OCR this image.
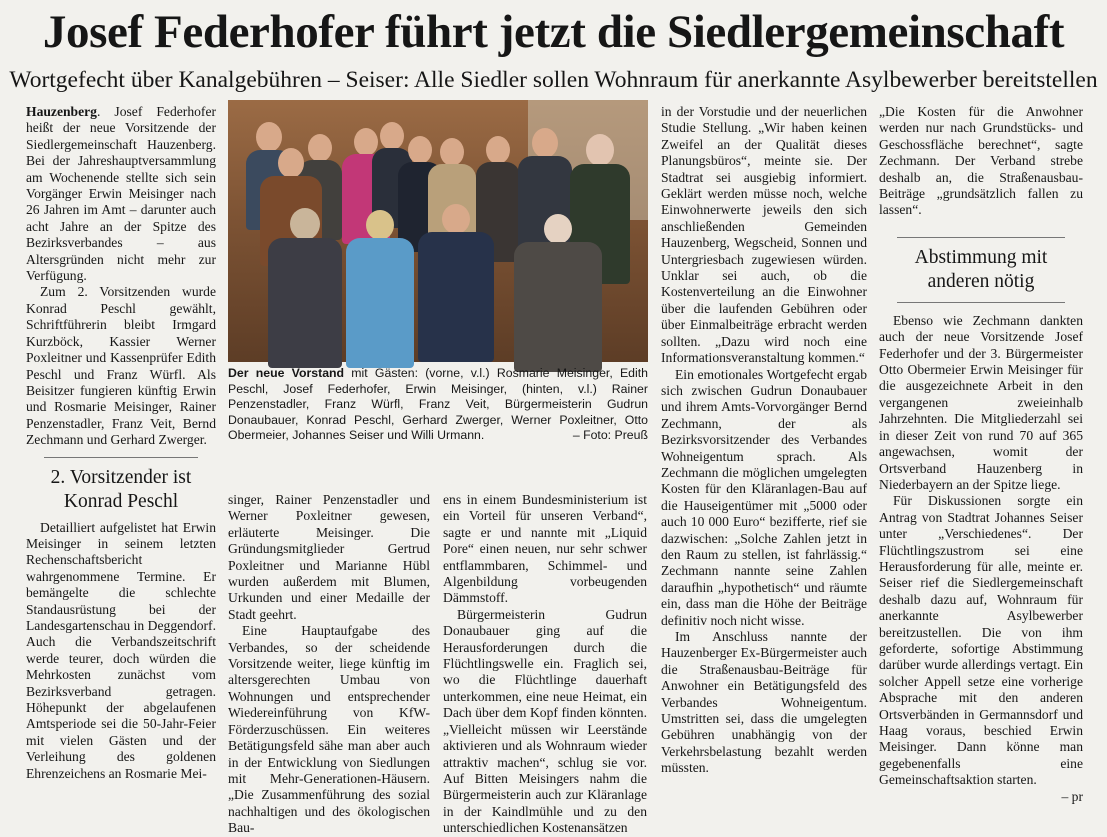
Josef Federhofer führt jetzt die Siedlergemeinschaft
Wortgefecht über Kanalgebühren – Seiser: Alle Siedler sollen Wohnraum für anerkannte Asylbewerber bereitstellen

Hauzenberg. Josef Federhofer heißt der neue Vorsitzende der Siedlergemeinschaft Hauzenberg. Bei der Jahreshauptversammlung am Wochenende stellte sich sein Vorgänger Erwin Meisinger nach 26 Jahren im Amt – darunter auch acht Jahre an der Spitze des Bezirksverbandes – aus Altersgründen nicht mehr zur Verfügung.

Zum 2. Vorsitzenden wurde Konrad Peschl gewählt, Schriftführerin bleibt Irmgard Kurzböck, Kassier Werner Poxleitner und Kassenprüfer Edith Peschl und Franz Würfl. Als Beisitzer fungieren künftig Erwin und Rosmarie Meisinger, Rainer Penzenstadler, Franz Veit, Bernd Zechmann und Gerhard Zwerger.

2. Vorsitzender ist
Konrad Peschl

Detailliert aufgelistet hat Erwin Meisinger in seinem letzten Rechenschaftsbericht wahrgenommene Termine. Er bemängelte die schlechte Standausrüstung bei der Landesgartenschau in Deggendorf. Auch die Verbandszeitschrift werde teurer, doch würden die Mehrkosten zunächst vom Bezirksverband getragen. Höhepunkt der abgelaufenen Amtsperiode sei die 50-Jahr-Feier mit vielen Gästen und der Verleihung des goldenen Ehrenzeichens an Rosmarie Mei-

Der neue Vorstand mit Gästen: (vorne, v.l.) Rosmarie Meisinger, Edith Peschl, Josef Federhofer, Erwin Meisinger, (hinten, v.l.) Rainer Penzenstadler, Franz Würfl, Franz Veit, Bürgermeisterin Gudrun Donaubauer, Konrad Peschl, Gerhard Zwerger, Werner Poxleitner, Otto Obermeier, Johannes Seiser und Willi Urmann.	– Foto: Preuß

singer, Rainer Penzenstadler und Werner Poxleitner gewesen, erläuterte Meisinger. Die Gründungsmitglieder Gertrud Poxleitner und Marianne Hübl wurden außerdem mit Blumen, Urkunden und einer Medaille der Stadt geehrt.

Eine Hauptaufgabe des Verbandes, so der scheidende Vorsitzende weiter, liege künftig im altersgerechten Umbau von Wohnungen und entsprechender Wiedereinführung von KfW-Förderzuschüssen. Ein weiteres Betätigungsfeld sähe man aber auch in der Entwicklung von Siedlungen mit Mehr-Generationen-Häusern. „Die Zusammenführung des sozial nachhaltigen und des ökologischen Bau-

ens in einem Bundesministerium ist ein Vorteil für unseren Verband“, sagte er und nannte mit „Liquid Pore“ einen neuen, nur sehr schwer entflammbaren, Schimmel- und Algenbildung vorbeugenden Dämmstoff.

Bürgermeisterin Gudrun Donaubauer ging auf die Herausforderungen durch die Flüchtlingswelle ein. Fraglich sei, wo die Flüchtlinge dauerhaft unterkommen, eine neue Heimat, ein Dach über dem Kopf finden könnten. „Vielleicht müssen wir Leerstände aktivieren und als Wohnraum wieder attraktiv machen“, schlug sie vor. Auf Bitten Meisingers nahm die Bürgermeisterin auch zur Kläranlage in der Kaindlmühle und zu den unterschiedlichen Kostenansätzen

in der Vorstudie und der neuerlichen Studie Stellung. „Wir haben keinen Zweifel an der Qualität dieses Planungsbüros“, meinte sie. Der Stadtrat sei ausgiebig informiert. Geklärt werden müsse noch, welche Einwohnerwerte jeweils den sich anschließenden Gemeinden Hauzenberg, Wegscheid, Sonnen und Untergriesbach zugewiesen würden. Unklar sei auch, ob die Kostenverteilung an die Einwohner über die laufenden Gebühren oder über Einmalbeiträge erbracht werden sollten. „Dazu wird noch eine Informationsveranstaltung kommen.“

Ein emotionales Wortgefecht ergab sich zwischen Gudrun Donaubauer und ihrem Amts-Vorvorgänger Bernd Zechmann, der als Bezirksvorsitzender des Verbandes Wohneigentum sprach. Als Zechmann die möglichen umgelegten Kosten für den Kläranlagen-Bau auf die Hauseigentümer mit „5000 oder auch 10 000 Euro“ bezifferte, rief sie dazwischen: „Solche Zahlen jetzt in den Raum zu stellen, ist fahrlässig.“ Zechmann nannte seine Zahlen daraufhin „hypothetisch“ und räumte ein, dass man die Höhe der Beiträge definitiv noch nicht wisse.

Im Anschluss nannte der Hauzenberger Ex-Bürgermeister auch die Straßenausbau-Beiträge für Anwohner ein Betätigungsfeld des Verbandes Wohneigentum. Umstritten sei, dass die umgelegten Gebühren unabhängig von der Verkehrsbelastung bezahlt werden müssten.

„Die Kosten für die Anwohner werden nur nach Grundstücks- und Geschossfläche berechnet“, sagte Zechmann. Der Verband strebe deshalb an, die Straßenausbau-Beiträge „grundsätzlich fallen zu lassen“.

Abstimmung mit
anderen nötig

Ebenso wie Zechmann dankten auch der neue Vorsitzende Josef Federhofer und der 3. Bürgermeister Otto Obermeier Erwin Meisinger für die ausgezeichnete Arbeit in den vergangenen zweieinhalb Jahrzehnten. Die Mitgliederzahl sei in dieser Zeit von rund 70 auf 365 angewachsen, womit der Ortsverband Hauzenberg in Niederbayern an der Spitze liege.

Für Diskussionen sorgte ein Antrag von Stadtrat Johannes Seiser unter „Verschiedenes“. Der Flüchtlingszustrom sei eine Herausforderung für alle, meinte er. Seiser rief die Siedlergemeinschaft deshalb dazu auf, Wohnraum für anerkannte Asylbewerber bereitzustellen. Die von ihm geforderte, sofortige Abstimmung darüber wurde allerdings vertagt. Ein solcher Appell setze eine vorherige Absprache mit den anderen Ortsverbänden in Germannsdorf und Haag voraus, beschied Erwin Meisinger. Dann könne man gegebenenfalls eine Gemeinschaftsaktion starten.

– pr
